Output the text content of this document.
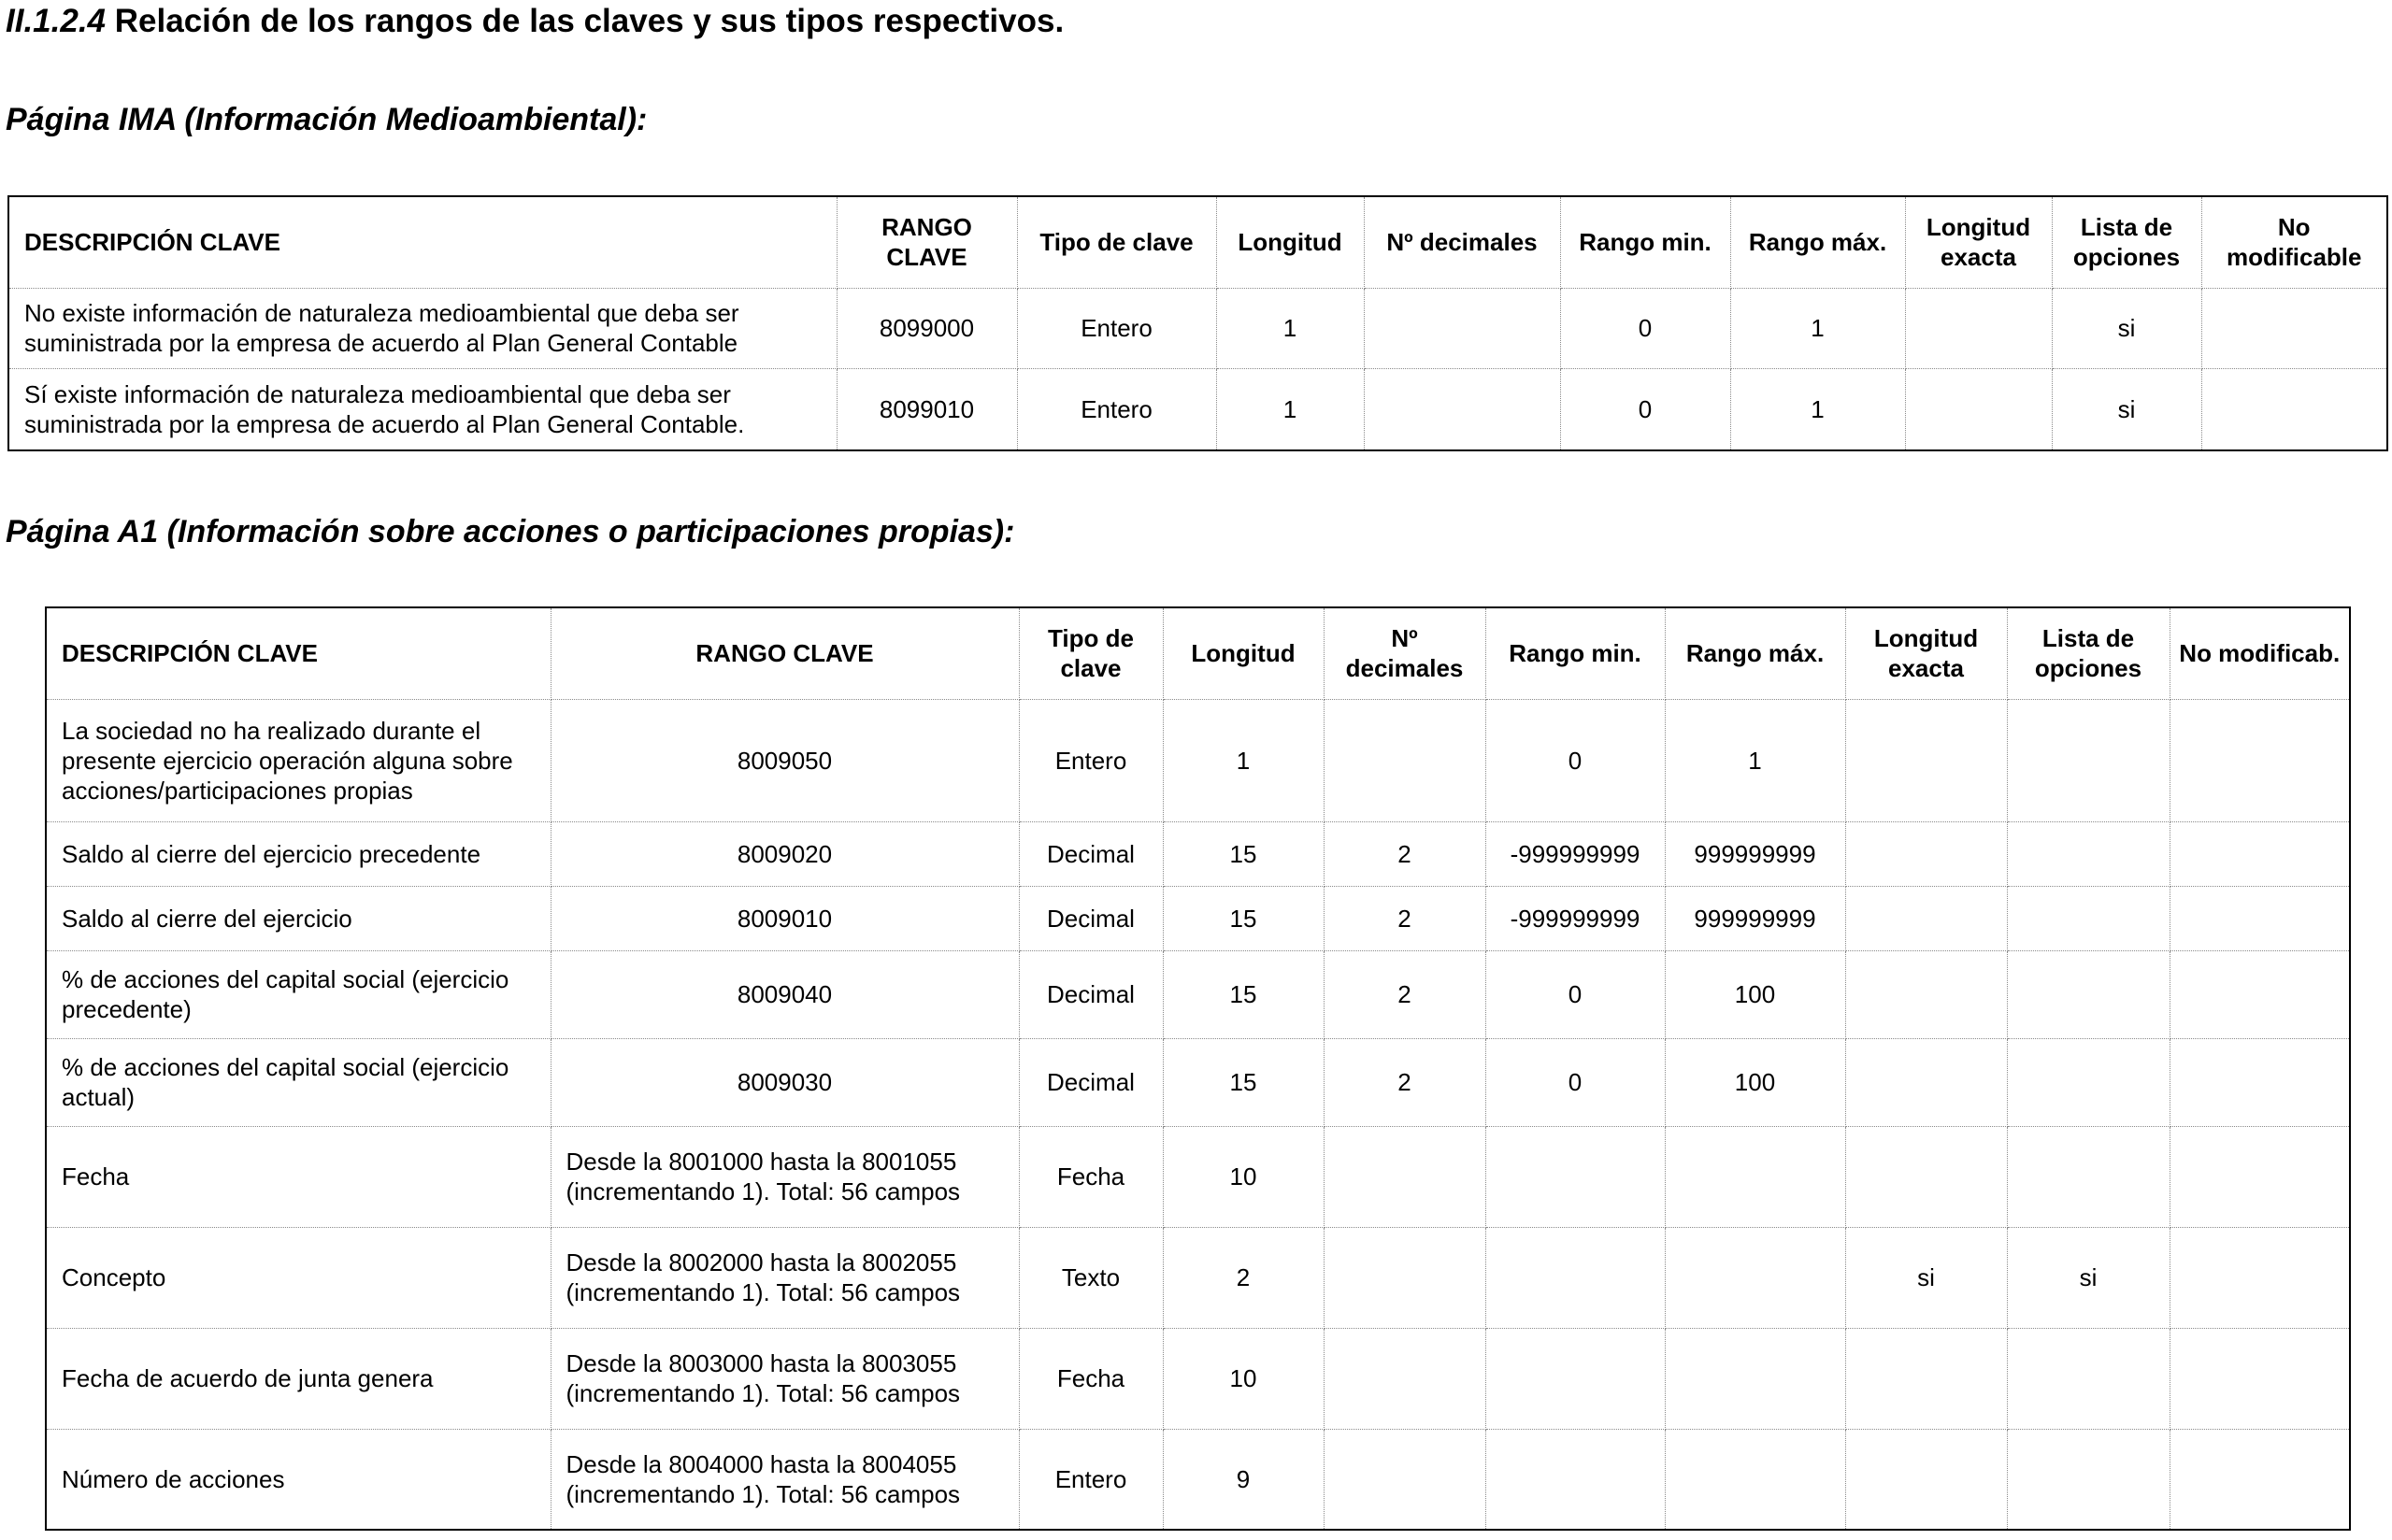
II.1.2.4 Relación de los rangos de las claves y sus tipos respectivos.
Página IMA (Información Medioambiental):
DESCRIPCIÓN CLAVE	RANGO CLAVE	Tipo de clave	Longitud	Nº decimales	Rango min.	Rango máx.	Longitud exacta	Lista de opciones	No modificable
No existe información de naturaleza medioambiental que deba ser suministrada por la empresa de acuerdo al Plan General Contable	8099000	Entero	1		0	1		si	
Sí existe información de naturaleza medioambiental que deba ser suministrada por la empresa de acuerdo al Plan General Contable.	8099010	Entero	1		0	1		si	
Página A1 (Información sobre acciones o participaciones propias):
DESCRIPCIÓN CLAVE	RANGO CLAVE	Tipo de clave	Longitud	Nº decimales	Rango min.	Rango máx.	Longitud exacta	Lista de opciones	No modificab.
La sociedad no ha realizado durante el presente ejercicio operación alguna sobre acciones/participaciones propias	8009050	Entero	1		0	1			
Saldo al cierre del ejercicio precedente	8009020	Decimal	15	2	-999999999	999999999			
Saldo al cierre del ejercicio	8009010	Decimal	15	2	-999999999	999999999			
% de acciones del capital social (ejercicio precedente)	8009040	Decimal	15	2	0	100			
% de acciones del capital social (ejercicio actual)	8009030	Decimal	15	2	0	100			
Fecha	Desde la 8001000 hasta la 8001055 (incrementando 1). Total: 56 campos	Fecha	10						
Concepto	Desde la 8002000 hasta la 8002055 (incrementando 1). Total: 56 campos	Texto	2				si	si	
Fecha de acuerdo de junta genera	Desde la 8003000 hasta la 8003055 (incrementando 1). Total: 56 campos	Fecha	10						
Número de acciones	Desde la 8004000 hasta la 8004055 (incrementando 1). Total: 56 campos	Entero	9						
